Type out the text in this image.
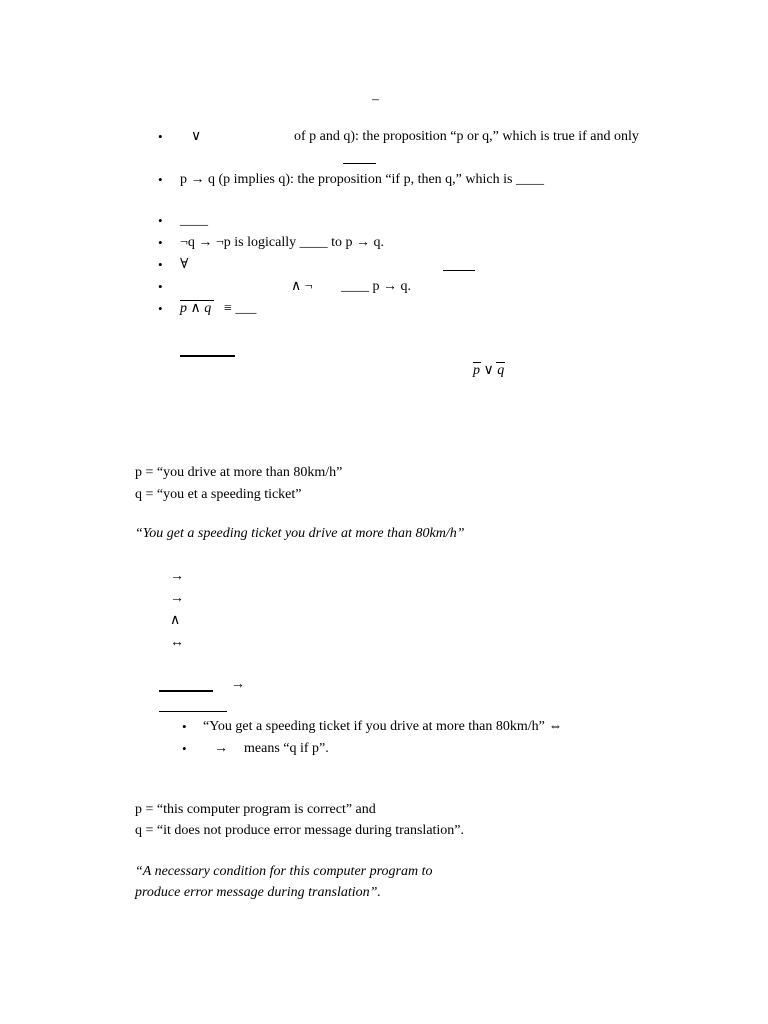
–
• ∨	of p and q): the proposition “p or q,” which is true if and only
• p → q (p implies q): the proposition “if p, then q,” which is ____
• ____
• ¬q → ¬p is logically ____ to p → q.
• ∀
•	∧ ¬ ____ p → q.
• p ∧ q ≡ ___
p ∨ q
p = “you drive at more than 80km/h”
q = “you et a speeding ticket”
“You get a speeding ticket you drive at more than 80km/h”
→
→
∧
↔
→
• “You get a speeding ticket if you drive at more than 80km/h” ⇔
• → means “q if p”.
p = “this computer program is correct” and
q = “it does not produce error message during translation”.
“A necessary condition for this computer program to
produce error message during translation”.
